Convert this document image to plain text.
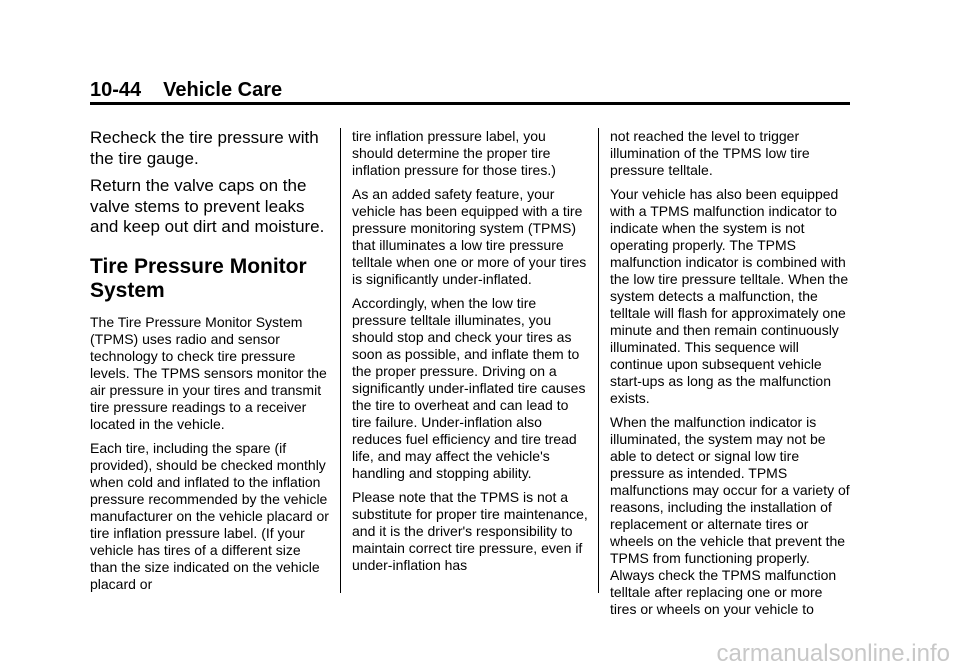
10-44 Vehicle Care

Recheck the tire pressure with the tire gauge.

Return the valve caps on the valve stems to prevent leaks and keep out dirt and moisture.

Tire Pressure Monitor System

The Tire Pressure Monitor System (TPMS) uses radio and sensor technology to check tire pressure levels. The TPMS sensors monitor the air pressure in your tires and transmit tire pressure readings to a receiver located in the vehicle.

Each tire, including the spare (if provided), should be checked monthly when cold and inflated to the inflation pressure recommended by the vehicle manufacturer on the vehicle placard or tire inflation pressure label. (If your vehicle has tires of a different size than the size indicated on the vehicle placard or

tire inflation pressure label, you should determine the proper tire inflation pressure for those tires.)

As an added safety feature, your vehicle has been equipped with a tire pressure monitoring system (TPMS) that illuminates a low tire pressure telltale when one or more of your tires is significantly under-inflated.

Accordingly, when the low tire pressure telltale illuminates, you should stop and check your tires as soon as possible, and inflate them to the proper pressure. Driving on a significantly under-inflated tire causes the tire to overheat and can lead to tire failure. Under-inflation also reduces fuel efficiency and tire tread life, and may affect the vehicle's handling and stopping ability.

Please note that the TPMS is not a substitute for proper tire maintenance, and it is the driver's responsibility to maintain correct tire pressure, even if under-inflation has

not reached the level to trigger illumination of the TPMS low tire pressure telltale.

Your vehicle has also been equipped with a TPMS malfunction indicator to indicate when the system is not operating properly. The TPMS malfunction indicator is combined with the low tire pressure telltale. When the system detects a malfunction, the telltale will flash for approximately one minute and then remain continuously illuminated. This sequence will continue upon subsequent vehicle start-ups as long as the malfunction exists.

When the malfunction indicator is illuminated, the system may not be able to detect or signal low tire pressure as intended. TPMS malfunctions may occur for a variety of reasons, including the installation of replacement or alternate tires or wheels on the vehicle that prevent the TPMS from functioning properly. Always check the TPMS malfunction telltale after replacing one or more tires or wheels on your vehicle to

carmanualsonline.info
